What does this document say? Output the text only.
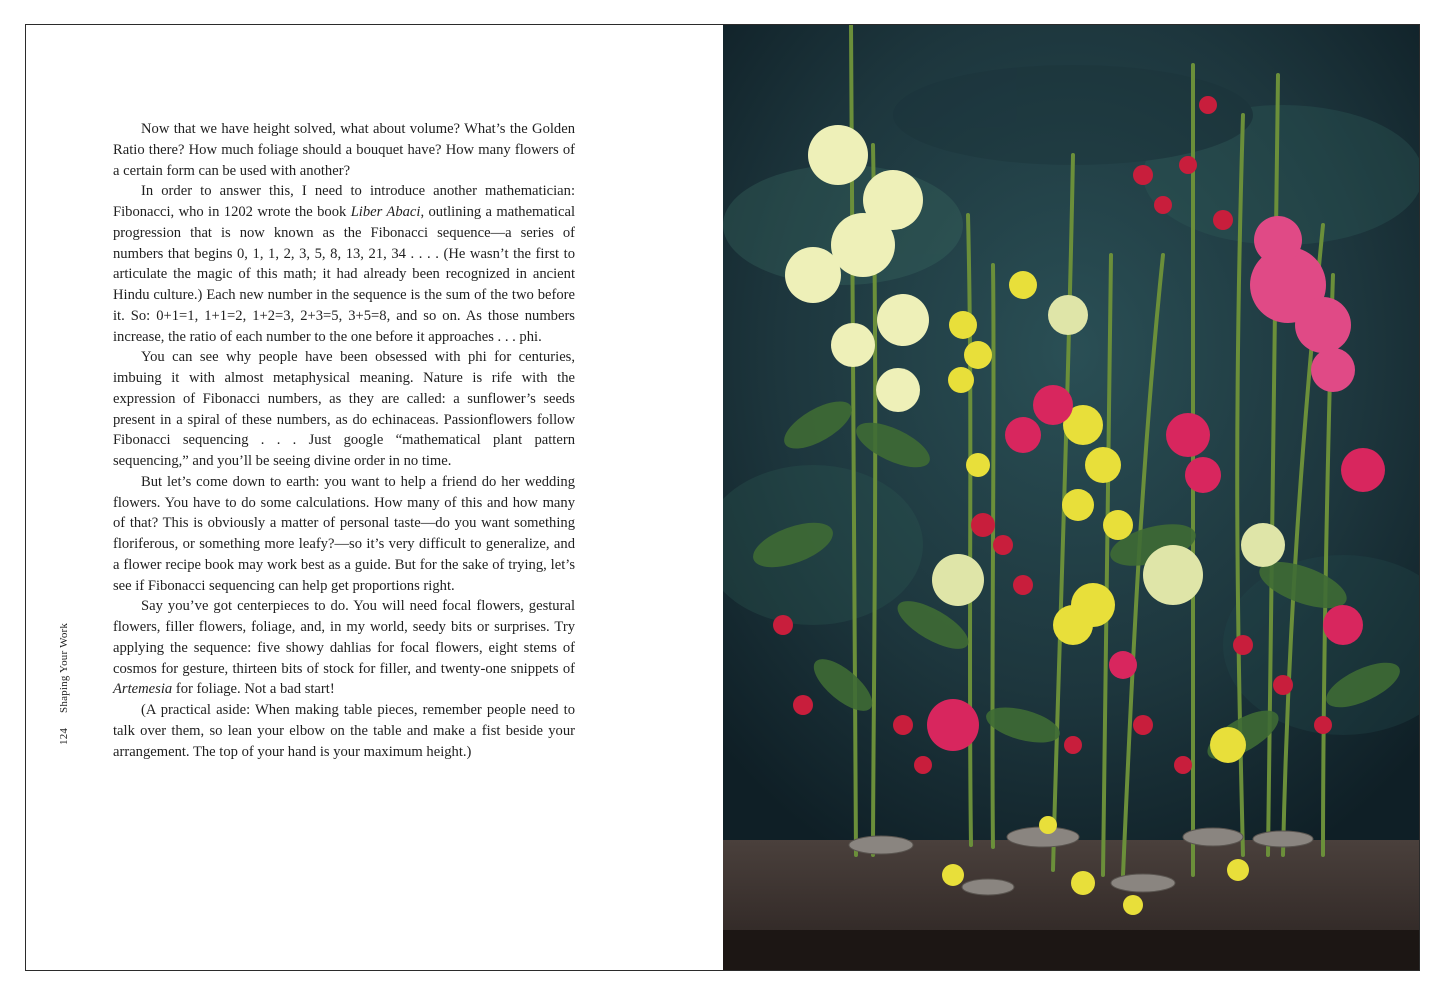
Now that we have height solved, what about volume? What’s the Golden Ratio there? How much foliage should a bouquet have? How many flowers of a certain form can be used with another?

In order to answer this, I need to introduce another mathematician: Fibonacci, who in 1202 wrote the book Liber Abaci, outlining a mathematical progression that is now known as the Fibonacci sequence—a series of numbers that begins 0, 1, 1, 2, 3, 5, 8, 13, 21, 34 . . . . (He wasn’t the first to articulate the magic of this math; it had already been recognized in ancient Hindu culture.) Each new number in the sequence is the sum of the two before it. So: 0+1=1, 1+1=2, 1+2=3, 2+3=5, 3+5=8, and so on. As those numbers increase, the ratio of each number to the one before it approaches . . . phi.

You can see why people have been obsessed with phi for centuries, imbuing it with almost metaphysical meaning. Nature is rife with the expression of Fibonacci numbers, as they are called: a sunflower’s seeds present in a spiral of these numbers, as do echinaceas. Passionflowers follow Fibonacci sequencing . . . Just google “mathematical plant pattern sequencing,” and you’ll be seeing divine order in no time.

But let’s come down to earth: you want to help a friend do her wedding flowers. You have to do some calculations. How many of this and how many of that? This is obviously a matter of personal taste—do you want something floriferous, or something more leafy?—so it’s very difficult to generalize, and a flower recipe book may work best as a guide. But for the sake of trying, let’s see if Fibonacci sequencing can help get proportions right.

Say you’ve got centerpieces to do. You will need focal flowers, gestural flowers, filler flowers, foliage, and, in my world, seedy bits or surprises. Try applying the sequence: five showy dahlias for focal flowers, eight stems of cosmos for gesture, thirteen bits of stock for filler, and twenty-one snippets of Artemesia for foliage. Not a bad start!

(A practical aside: When making table pieces, remember people need to talk over them, so lean your elbow on the table and make a fist beside your arrangement. The top of your hand is your maximum height.)

124 Shaping Your Work
